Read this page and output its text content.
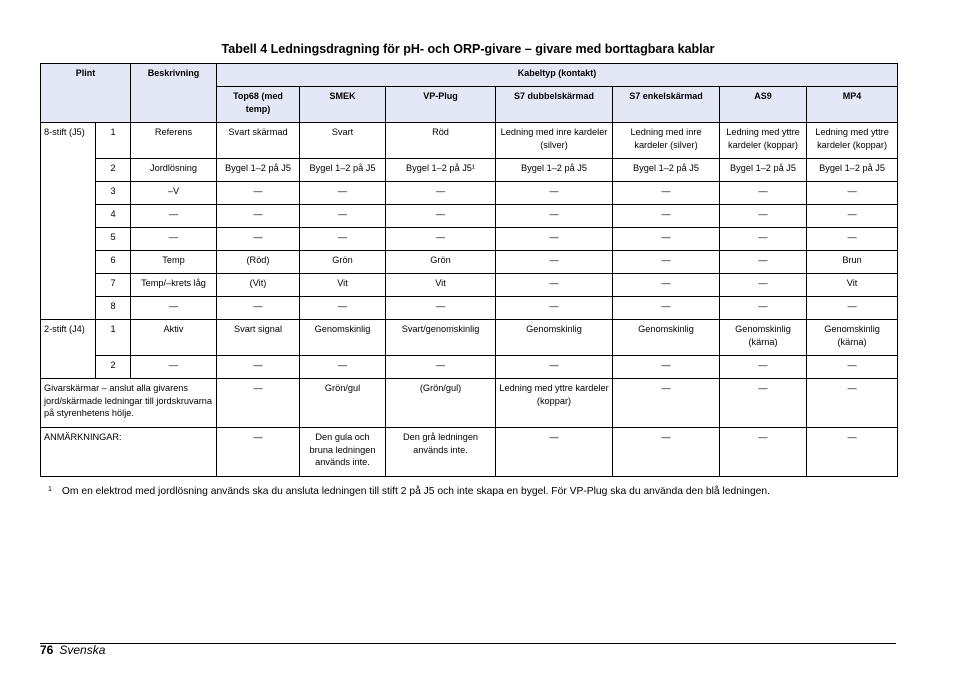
Tabell 4 Ledningsdragning för pH- och ORP-givare – givare med borttagbara kablar
Plint		Beskrivning	Kabeltyp (kontakt)						
			Top68 (med temp)	SMEK	VP-Plug	S7 dubbelskärmad	S7 enkelskärmad	AS9	MP4
8-stift (J5)	1	Referens	Svart skärmad	Svart	Röd	Ledning med inre kardeler (silver)	Ledning med inre kardeler (silver)	Ledning med yttre kardeler (koppar)	Ledning med yttre kardeler (koppar)
	2	Jordlösning	Bygel 1–2 på J5	Bygel 1–2 på J5	Bygel 1–2 på J5¹	Bygel 1–2 på J5	Bygel 1–2 på J5	Bygel 1–2 på J5	Bygel 1–2 på J5
	3	–V	—	—	—	—	—	—	—
	4	—	—	—	—	—	—	—	—
	5	—	—	—	—	—	—	—	—
	6	Temp	(Röd)	Grön	Grön	—	—	—	Brun
	7	Temp/–krets låg	(Vit)	Vit	Vit	—	—	—	Vit
	8	—	—	—	—	—	—	—	—
2-stift (J4)	1	Aktiv	Svart signal	Genomskinlig	Svart/genomskinlig	Genomskinlig	Genomskinlig	Genomskinlig (kärna)	Genomskinlig (kärna)
	2	—	—	—	—	—	—	—	—
Givarskärmar – anslut alla givarens jord/skärmade ledningar till jordskruvarna på styrenhetens hölje.			—	Grön/gul	(Grön/gul)	Ledning med yttre kardeler (koppar)	—	—	—
ANMÄRKNINGAR:			—	Den gula och bruna ledningen används inte.	Den grå ledningen används inte.	—	—	—	—
$^1$ Om en elektrod med jordlösning används ska du ansluta ledningen till stift 2 på J5 och inte skapa en bygel. För VP-Plug ska du använda den blå ledningen.
76 Svenska
